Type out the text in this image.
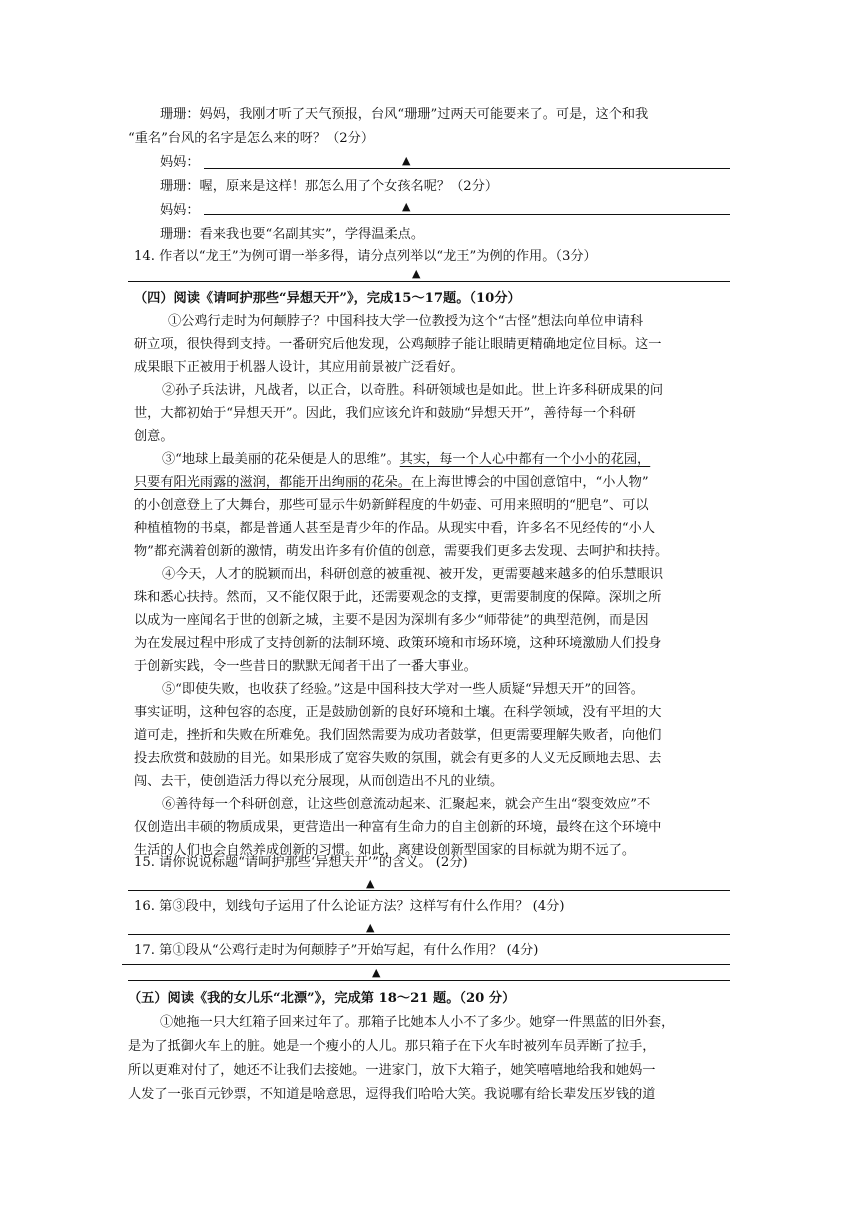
珊珊：妈妈，我刚才听了天气预报，台风“珊珊”过两天可能要来了。可是，这个和我
“重名”台风的名字是怎么来的呀？（2分）
妈妈：	▲
珊珊：喔，原来是这样！那怎么用了个女孩名呢？（2分）
妈妈：	▲
珊珊：看来我也要“名副其实”，学得温柔点。
14. 作者以“龙王”为例可谓一举多得，请分点列举以“龙王”为例的作用。（3分）
▲
（四）阅读《请呵护那些“异想天开”》，完成15～17题。（10分）
①公鸡行走时为何颠脖子？中国科技大学一位教授为这个“古怪”想法向单位申请科
研立项，很快得到支持。一番研究后他发现，公鸡颠脖子能让眼睛更精确地定位目标。这一
成果眼下正被用于机器人设计，其应用前景被广泛看好。
②孙子兵法讲，凡战者，以正合，以奇胜。科研领域也是如此。世上许多科研成果的问
世，大都初始于“异想天开”。因此，我们应该允许和鼓励“异想天开”，善待每一个科研
创意。
③“地球上最美丽的花朵便是人的思维”。其实，每一个人心中都有一个小小的花园，
只要有阳光雨露的滋润，都能开出绚丽的花朵。在上海世博会的中国创意馆中，“小人物”
的小创意登上了大舞台，那些可显示牛奶新鲜程度的牛奶壶、可用来照明的“肥皂”、可以
种植植物的书桌，都是普通人甚至是青少年的作品。从现实中看，许多名不见经传的“小人
物”都充满着创新的激情，萌发出许多有价值的创意，需要我们更多去发现、去呵护和扶持。
④今天，人才的脱颖而出，科研创意的被重视、被开发，更需要越来越多的伯乐慧眼识
珠和悉心扶持。然而，又不能仅限于此，还需要观念的支撑，更需要制度的保障。深圳之所
以成为一座闻名于世的创新之城，主要不是因为深圳有多少“师带徒”的典型范例，而是因
为在发展过程中形成了支持创新的法制环境、政策环境和市场环境，这种环境激励人们投身
于创新实践，令一些昔日的默默无闻者干出了一番大事业。
⑤“即使失败，也收获了经验。”这是中国科技大学对一些人质疑“异想天开”的回答。
事实证明，这种包容的态度，正是鼓励创新的良好环境和土壤。在科学领域，没有平坦的大
道可走，挫折和失败在所难免。我们固然需要为成功者鼓掌，但更需要理解失败者，向他们
投去欣赏和鼓励的目光。如果形成了宽容失败的氛围，就会有更多的人义无反顾地去思、去
闯、去干，使创造活力得以充分展现，从而创造出不凡的业绩。
⑥善待每一个科研创意，让这些创意流动起来、汇聚起来，就会产生出“裂变效应”不
仅创造出丰硕的物质成果，更营造出一种富有生命力的自主创新的环境，最终在这个环境中
生活的人们也会自然养成创新的习惯。如此，离建设创新型国家的目标就为期不远了。
15. 请你说说标题“请呵护那些‘异想天开’”的含义。 (2分)
▲
16. 第③段中，划线句子运用了什么论证方法？这样写有什么作用？ (4分)
▲
17. 第①段从“公鸡行走时为何颠脖子”开始写起，有什么作用？ (4分)
▲
（五）阅读《我的女儿乐“北漂”》，完成第 18～21 题。（20 分）
①她拖一只大红箱子回来过年了。那箱子比她本人小不了多少。她穿一件黑蓝的旧外套，
是为了抵御火车上的脏。她是一个瘦小的人儿。那只箱子在下火车时被列车员弄断了拉手，
所以更难对付了，她还不让我们去接她。一进家门，放下大箱子，她笑嘻嘻地给我和她妈一
人发了一张百元钞票，不知道是啥意思，逗得我们哈哈大笑。我说哪有给长辈发压岁钱的道
